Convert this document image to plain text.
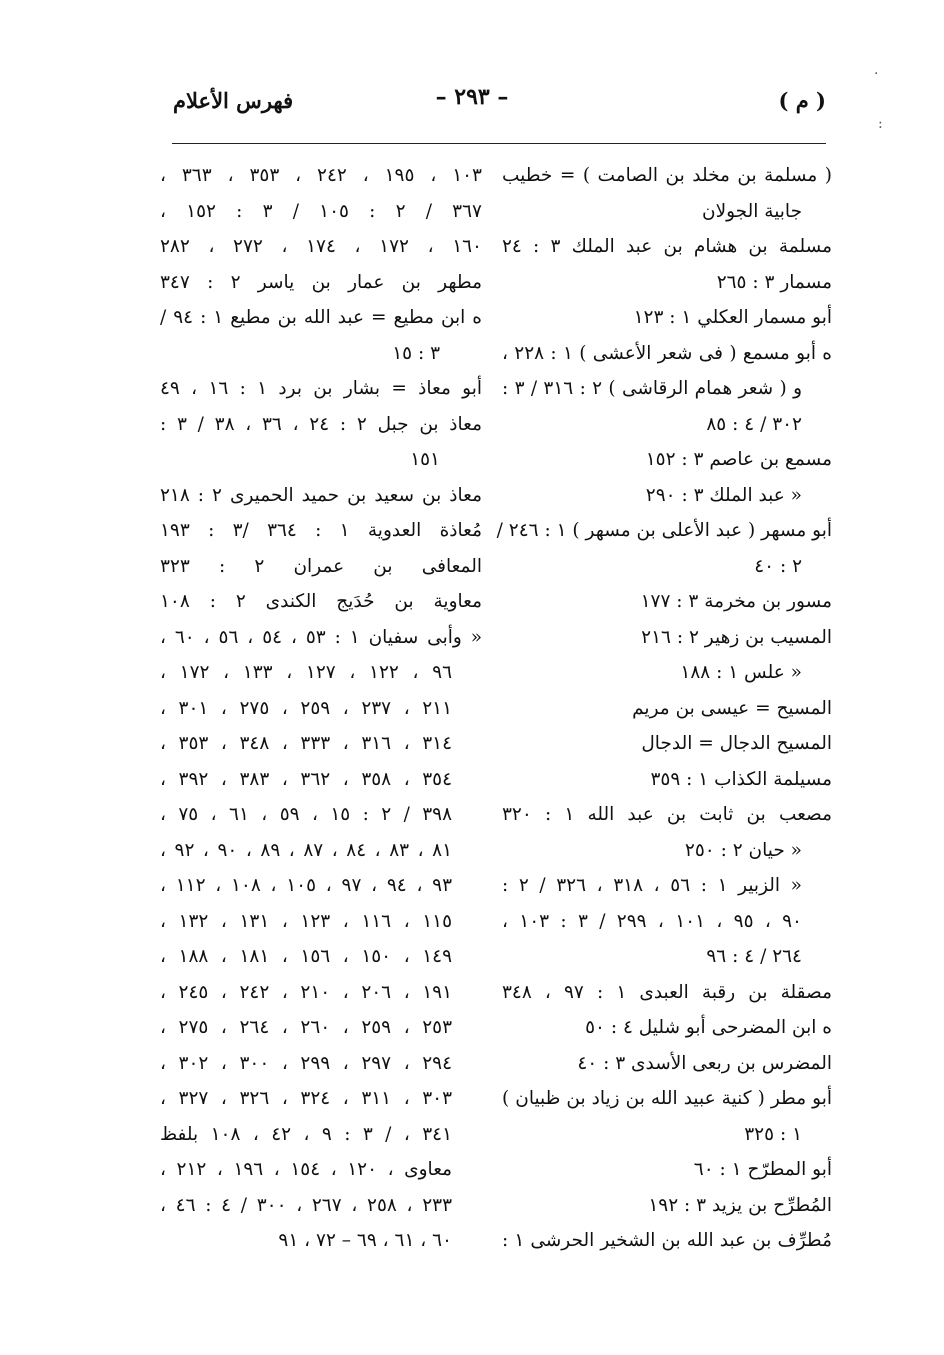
( م )
– ٢٩٣ –
فهرس الأعلام
·
:
( مسلمة بن مخلد بن الصامت ) = خطيب
جابية الجولان
مسلمة بن هشام بن عبد الملك ٣ : ٢٤
مسمار ٣ : ٢٦٥
أبو مسمار العكلي ١ : ١٢٣
ه أبو مسمع ( فى شعر الأعشى ) ١ : ٢٢٨ ،
و ( شعر همام الرقاشى ) ٢ : ٣١٦ / ٣ :
٣٠٢ / ٤ : ٨٥
مسمع بن عاصم ٣ : ١٥٢
« عبد الملك ٣ : ٢٩٠
أبو مسهر ( عبد الأعلى بن مسهر ) ١ : ٢٤٦ /
٢ : ٤٠
مسور بن مخرمة ٣ : ١٧٧
المسيب بن زهير ٢ : ٢١٦
« علس ١ : ١٨٨
المسيح = عيسى بن مريم
المسيح الدجال = الدجال
مسيلمة الكذاب ١ : ٣٥٩
مصعب بن ثابت بن عبد الله ١ : ٣٢٠
« حيان ٢ : ٢٥٠
« الزبير ١ : ٥٦ ، ٣١٨ ، ٣٢٦ / ٢ :
٩٠ ، ٩٥ ، ١٠١ ، ٢٩٩ / ٣ : ١٠٣ ،
٢٦٤ / ٤ : ٩٦
مصقلة بن رقبة العبدى ١ : ٩٧ ، ٣٤٨
ه ابن المضرحى أبو شليل ٤ : ٥٠
المضرس بن ربعى الأسدى ٣ : ٤٠
أبو مطر ( كنية عبيد الله بن زياد بن ظبيان )
١ : ٣٢٥
أبو المطرّح ١ : ٦٠
المُطرِّح بن يزيد ٣ : ١٩٢
مُطرِّف بن عبد الله بن الشخير الحرشى ١ :
١٠٣ ، ١٩٥ ، ٢٤٢ ، ٣٥٣ ، ٣٦٣ ،
٣٦٧ / ٢ : ١٠٥ / ٣ : ١٥٢ ،
١٦٠ ، ١٧٢ ، ١٧٤ ، ٢٧٢ ، ٢٨٢
مطهر بن عمار بن ياسر ٢ : ٣٤٧
ه ابن مطيع = عبد الله بن مطيع ١ : ٩٤ /
٣ : ١٥
أبو معاذ = بشار بن برد ١ : ١٦ ، ٤٩
معاذ بن جبل ٢ : ٢٤ ، ٣٦ ، ٣٨ / ٣ :
١٥١
معاذ بن سعيد بن حميد الحميرى ٢ : ٢١٨
مُعاذة العدوية ١ : ٣٦٤ /٣ : ١٩٣
المعافى بن عمران ٢ : ٣٢٣
معاوية بن حُدَيج الكندى ٢ : ١٠٨
« وأبى سفيان ١ : ٥٣ ، ٥٤ ، ٥٦ ، ٦٠ ،
٩٦ ، ١٢٢ ، ١٢٧ ، ١٣٣ ، ١٧٢ ،
٢١١ ، ٢٣٧ ، ٢٥٩ ، ٢٧٥ ، ٣٠١ ،
٣١٤ ، ٣١٦ ، ٣٣٣ ، ٣٤٨ ، ٣٥٣ ،
٣٥٤ ، ٣٥٨ ، ٣٦٢ ، ٣٨٣ ، ٣٩٢ ،
٣٩٨ / ٢ : ١٥ ، ٥٩ ، ٦١ ، ٧٥ ،
٨١ ، ٨٣ ، ٨٤ ، ٨٧ ، ٨٩ ، ٩٠ ، ٩٢ ،
٩٣ ، ٩٤ ، ٩٧ ، ١٠٥ ، ١٠٨ ، ١١٢ ،
١١٥ ، ١١٦ ، ١٢٣ ، ١٣١ ، ١٣٢ ،
١٤٩ ، ١٥٠ ، ١٥٦ ، ١٨١ ، ١٨٨ ،
١٩١ ، ٢٠٦ ، ٢١٠ ، ٢٤٢ ، ٢٤٥ ،
٢٥٣ ، ٢٥٩ ، ٢٦٠ ، ٢٦٤ ، ٢٧٥ ،
٢٩٤ ، ٢٩٧ ، ٢٩٩ ، ٣٠٠ ، ٣٠٢ ،
٣٠٣ ، ٣١١ ، ٣٢٤ ، ٣٢٦ ، ٣٢٧ ،
٣٤١ ، / ٣ : ٩ ، ٤٢ ، ١٠٨ بلفظ
معاوى ، ١٢٠ ، ١٥٤ ، ١٩٦ ، ٢١٢ ،
٢٣٣ ، ٢٥٨ ، ٢٦٧ ، ٣٠٠ / ٤ : ٤٦ ،
٦٠ ، ٦١ ، ٦٩ – ٧٢ ، ٩١
